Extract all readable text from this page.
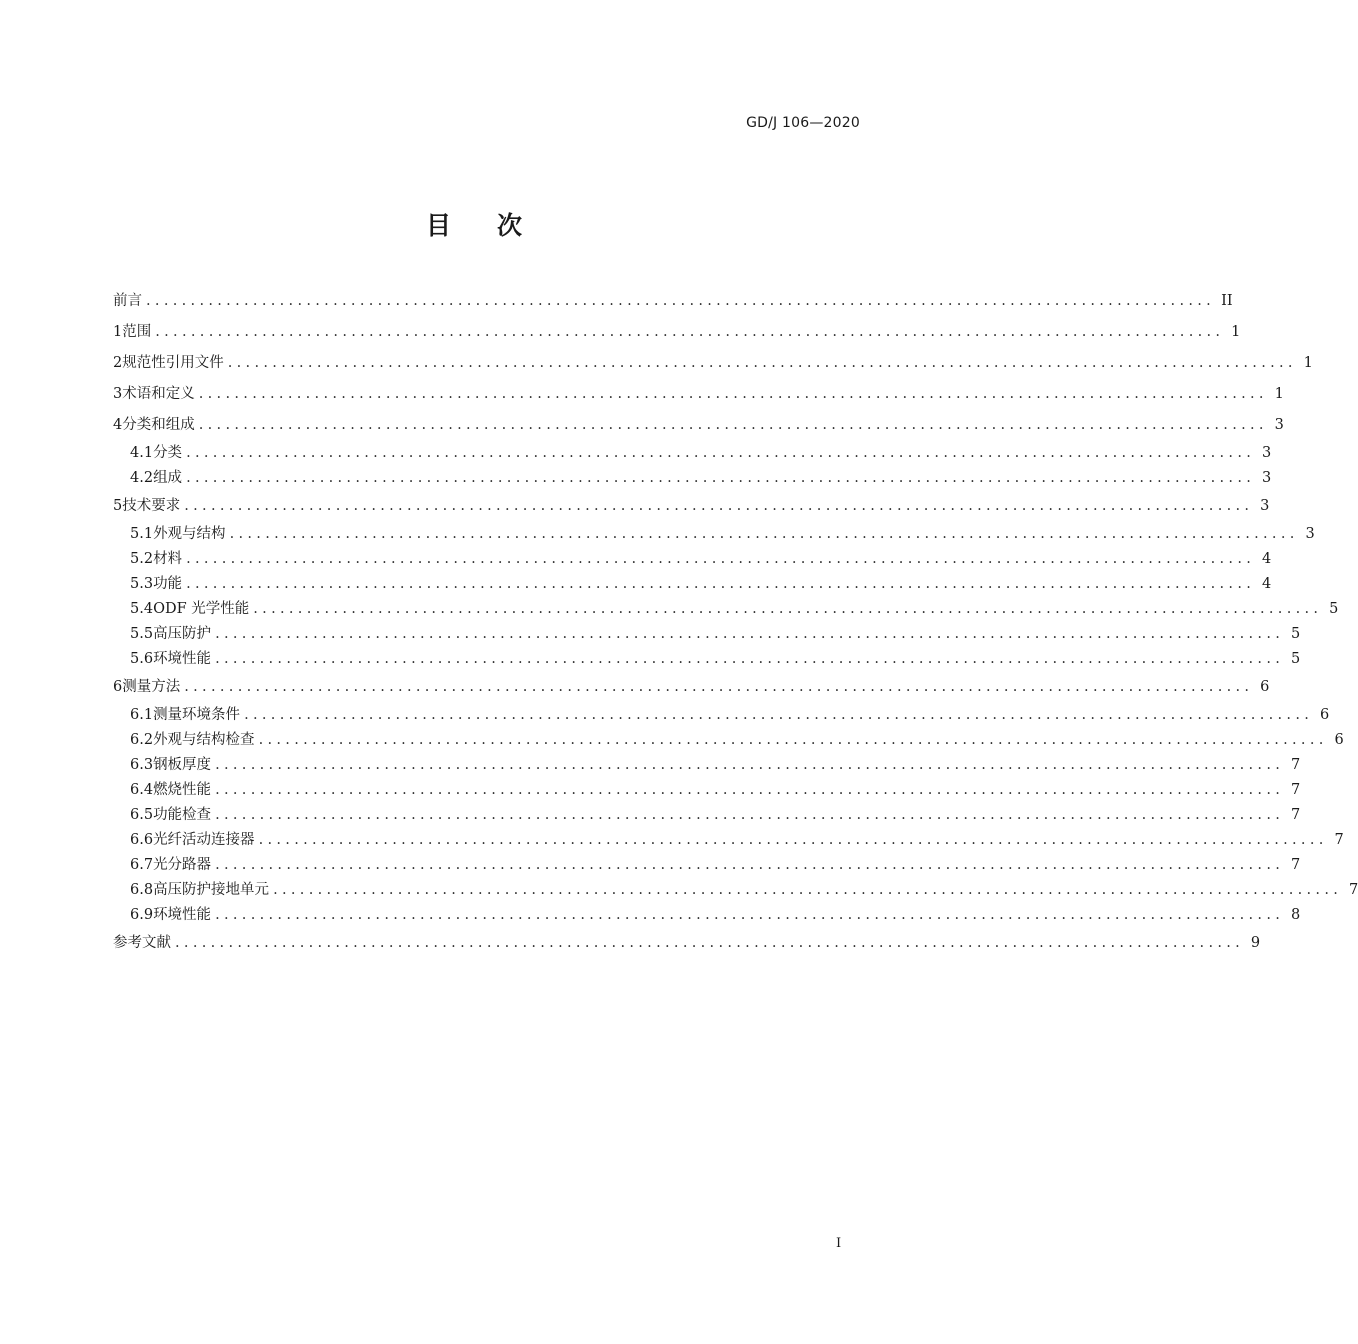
GD/J 106—2020
目 次
前言 ........................................................................................................................ II
1 范围 ........................................................................................................................ 1
2 规范性引用文件 ........................................................................................................................ 1
3 术语和定义 ........................................................................................................................ 1
4 分类和组成 ........................................................................................................................ 3
4.1 分类 ........................................................................................................................ 3
4.2 组成 ........................................................................................................................ 3
5 技术要求 ........................................................................................................................ 3
5.1 外观与结构 ........................................................................................................................ 3
5.2 材料 ........................................................................................................................ 4
5.3 功能 ........................................................................................................................ 4
5.4 ODF 光学性能 ........................................................................................................................ 5
5.5 高压防护 ........................................................................................................................ 5
5.6 环境性能 ........................................................................................................................ 5
6 测量方法 ........................................................................................................................ 6
6.1 测量环境条件 ........................................................................................................................ 6
6.2 外观与结构检查 ........................................................................................................................ 6
6.3 钢板厚度 ........................................................................................................................ 7
6.4 燃烧性能 ........................................................................................................................ 7
6.5 功能检查 ........................................................................................................................ 7
6.6 光纤活动连接器 ........................................................................................................................ 7
6.7 光分路器 ........................................................................................................................ 7
6.8 高压防护接地单元 ........................................................................................................................ 7
6.9 环境性能 ........................................................................................................................ 8
参考文献 ........................................................................................................................ 9
I
